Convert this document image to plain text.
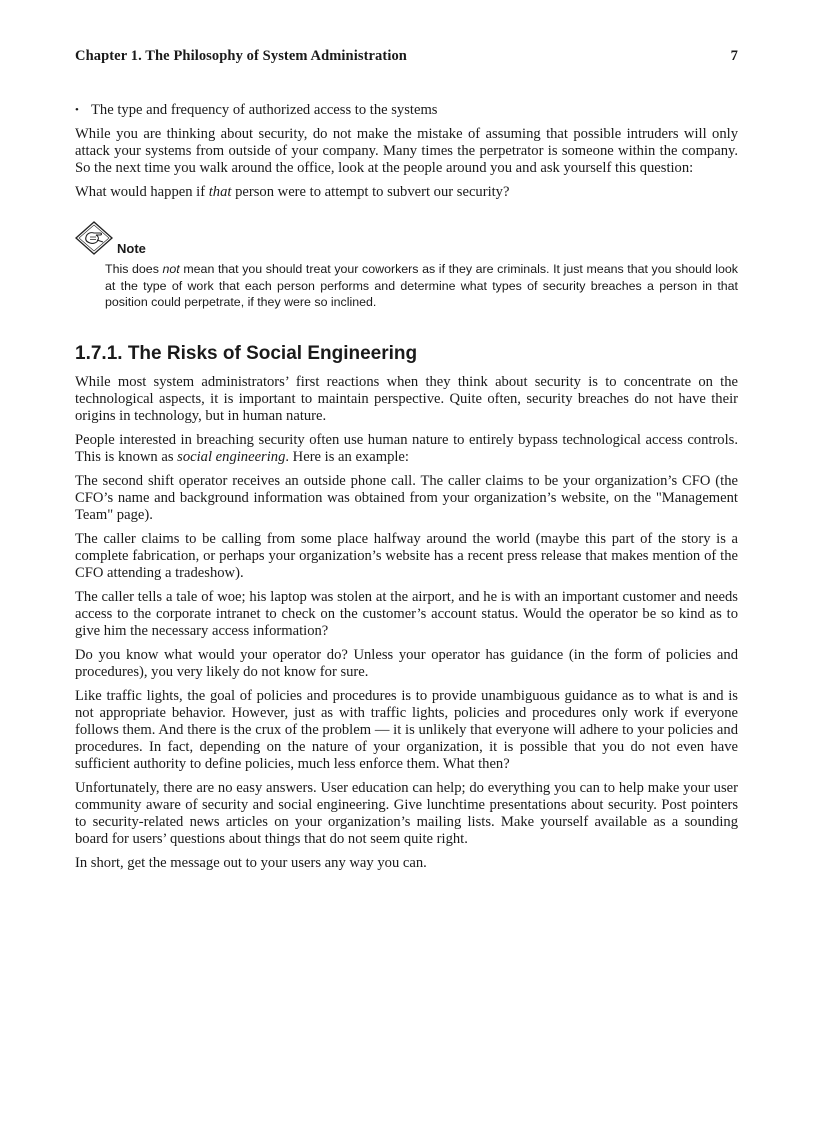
Chapter 1. The Philosophy of System Administration	7
• The type and frequency of authorized access to the systems

While you are thinking about security, do not make the mistake of assuming that possible intruders will only attack your systems from outside of your company. Many times the perpetrator is someone within the company. So the next time you walk around the office, look at the people around you and ask yourself this question:

What would happen if that person were to attempt to subvert our security?

Note
This does not mean that you should treat your coworkers as if they are criminals. It just means that you should look at the type of work that each person performs and determine what types of security breaches a person in that position could perpetrate, if they were so inclined.
1.7.1. The Risks of Social Engineering

While most system administrators’ first reactions when they think about security is to concentrate on the technological aspects, it is important to maintain perspective. Quite often, security breaches do not have their origins in technology, but in human nature.

People interested in breaching security often use human nature to entirely bypass technological access controls. This is known as social engineering. Here is an example:

The second shift operator receives an outside phone call. The caller claims to be your organization’s CFO (the CFO’s name and background information was obtained from your organization’s website, on the "Management Team" page).

The caller claims to be calling from some place halfway around the world (maybe this part of the story is a complete fabrication, or perhaps your organization’s website has a recent press release that makes mention of the CFO attending a tradeshow).

The caller tells a tale of woe; his laptop was stolen at the airport, and he is with an important customer and needs access to the corporate intranet to check on the customer’s account status. Would the operator be so kind as to give him the necessary access information?

Do you know what would your operator do? Unless your operator has guidance (in the form of policies and procedures), you very likely do not know for sure.

Like traffic lights, the goal of policies and procedures is to provide unambiguous guidance as to what is and is not appropriate behavior. However, just as with traffic lights, policies and procedures only work if everyone follows them. And there is the crux of the problem — it is unlikely that everyone will adhere to your policies and procedures. In fact, depending on the nature of your organization, it is possible that you do not even have sufficient authority to define policies, much less enforce them. What then?

Unfortunately, there are no easy answers. User education can help; do everything you can to help make your user community aware of security and social engineering. Give lunchtime presentations about security. Post pointers to security-related news articles on your organization’s mailing lists. Make yourself available as a sounding board for users’ questions about things that do not seem quite right.

In short, get the message out to your users any way you can.
